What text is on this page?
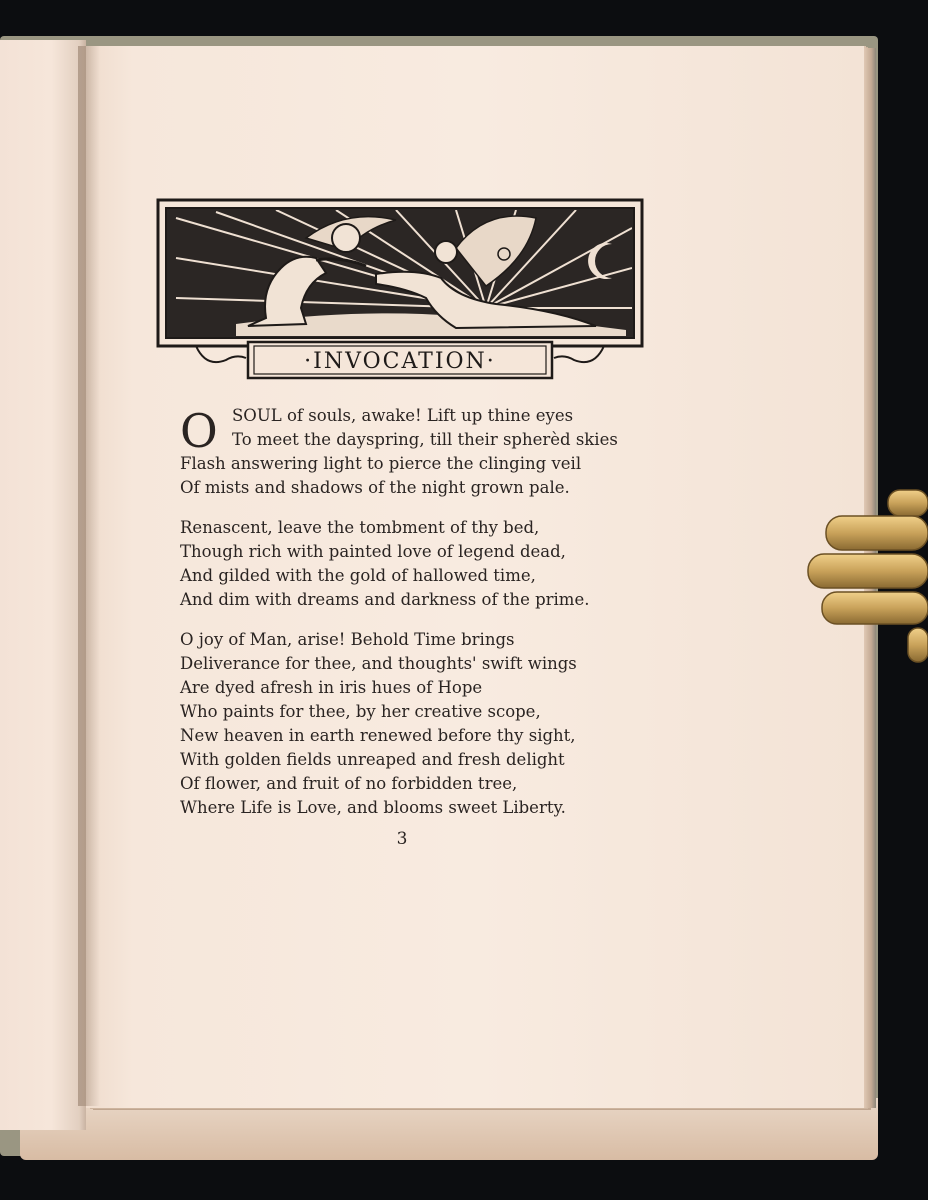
·INVOCATION·
O SOUL of souls, awake! Lift up thine eyes
To meet the dayspring, till their spherèd skies
Flash answering light to pierce the clinging veil
Of mists and shadows of the night grown pale.
Renascent, leave the tombment of thy bed,
Though rich with painted love of legend dead,
And gilded with the gold of hallowed time,
And dim with dreams and darkness of the prime.
O joy of Man, arise! Behold Time brings
Deliverance for thee, and thoughts' swift wings
Are dyed afresh in iris hues of Hope
Who paints for thee, by her creative scope,
New heaven in earth renewed before thy sight,
With golden fields unreaped and fresh delight
Of flower, and fruit of no forbidden tree,
Where Life is Love, and blooms sweet Liberty.
3
